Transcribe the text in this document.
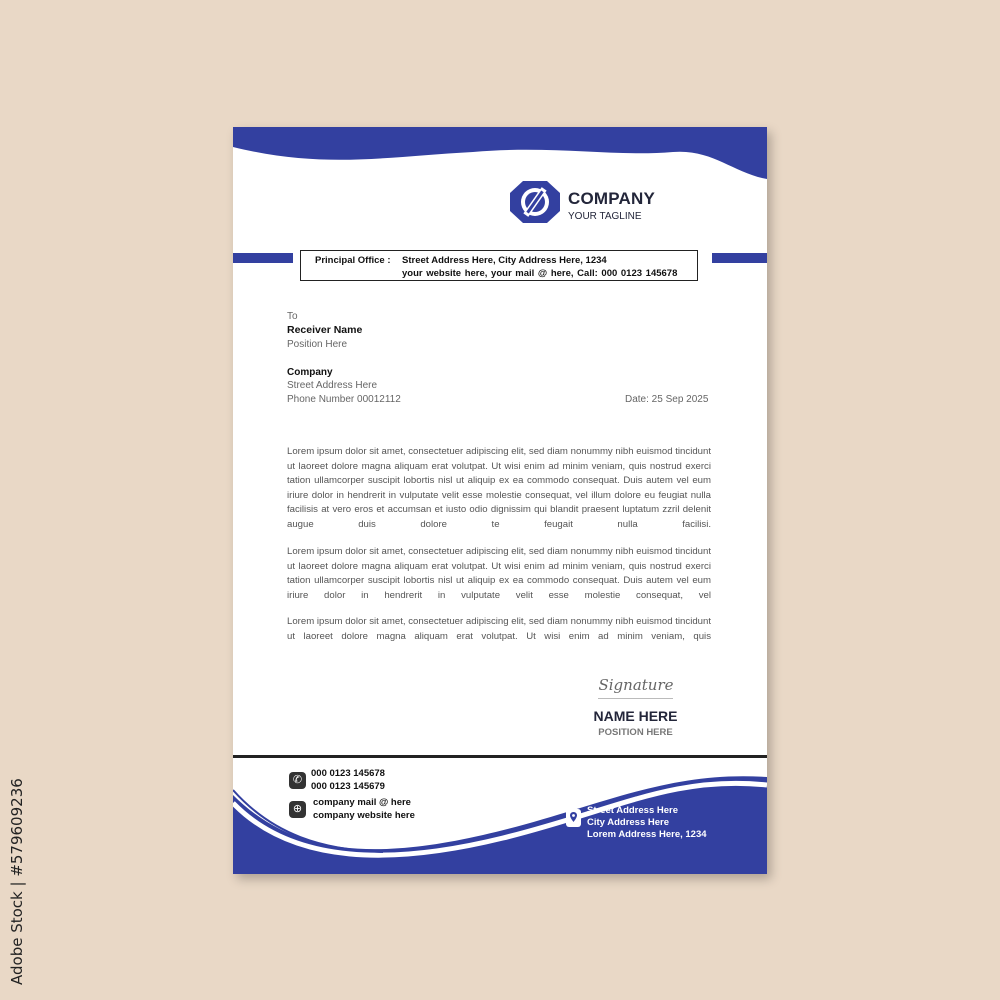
Adobe Stock | #579609236
COMPANY
YOUR TAGLINE
Principal Office : Street Address Here, City Address Here, 1234
your website here, your mail @ here, Call: 000 0123 145678
To
Receiver Name
Position Here
Company
Street Address Here
Phone Number 00012112	Date: 25 Sep 2025

Lorem ipsum dolor sit amet, consectetuer adipiscing elit, sed diam nonummy nibh euismod tincidunt ut laoreet dolore magna aliquam erat volutpat. Ut wisi enim ad minim veniam, quis nostrud exerci tation ullamcorper suscipit lobortis nisl ut aliquip ex ea commodo consequat. Duis autem vel eum iriure dolor in hendrerit in vulputate velit esse molestie consequat, vel illum dolore eu feugiat nulla facilisis at vero eros et accumsan et iusto odio dignissim qui blandit praesent luptatum zzril delenit augue duis dolore te feugait nulla facilisi.

Lorem ipsum dolor sit amet, consectetuer adipiscing elit, sed diam nonummy nibh euismod tincidunt ut laoreet dolore magna aliquam erat volutpat. Ut wisi enim ad minim veniam, quis nostrud exerci tation ullamcorper suscipit lobortis nisl ut aliquip ex ea commodo consequat. Duis autem vel eum iriure dolor in hendrerit in vulputate velit esse molestie consequat, vel

Lorem ipsum dolor sit amet, consectetuer adipiscing elit, sed diam nonummy nibh euismod tincidunt ut laoreet dolore magna aliquam erat volutpat. Ut wisi enim ad minim veniam, quis

Signature
NAME HERE
POSITION HERE
✆
000 0123 145678
000 0123 145679
⊕
company mail @ here
company website here	Street Address Here
City Address Here
Lorem Address Here, 1234
